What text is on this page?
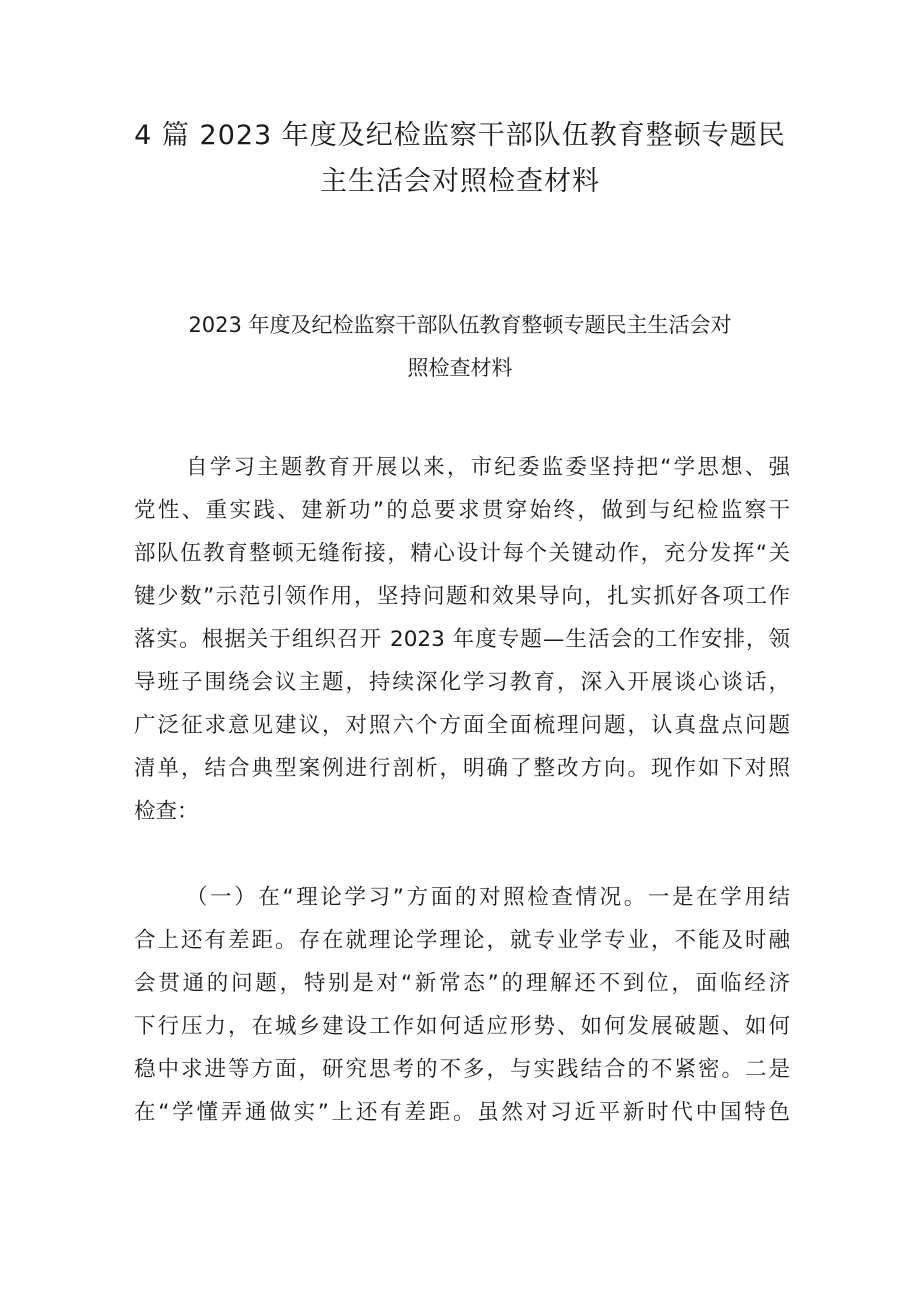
4 篇 2023 年度及纪检监察干部队伍教育整顿专题民
主生活会对照检查材料
2023 年度及纪检监察干部队伍教育整顿专题民主生活会对
照检查材料

自学习主题教育开展以来，市纪委监委坚持把“学思想、强

党性、重实践、建新功”的总要求贯穿始终，做到与纪检监察干

部队伍教育整顿无缝衔接，精心设计每个关键动作，充分发挥“关

键少数”示范引领作用，坚持问题和效果导向，扎实抓好各项工作

落实。根据关于组织召开 2023 年度专题—生活会的工作安排，领

导班子围绕会议主题，持续深化学习教育，深入开展谈心谈话，

广泛征求意见建议，对照六个方面全面梳理问题，认真盘点问题

清单，结合典型案例进行剖析，明确了整改方向。现作如下对照

检查：

（一）在“理论学习”方面的对照检查情况。一是在学用结

合上还有差距。存在就理论学理论，就专业学专业，不能及时融

会贯通的问题，特别是对“新常态”的理解还不到位，面临经济

下行压力，在城乡建设工作如何适应形势、如何发展破题、如何

稳中求进等方面，研究思考的不多，与实践结合的不紧密。二是

在“学懂弄通做实”上还有差距。虽然对习近平新时代中国特色
